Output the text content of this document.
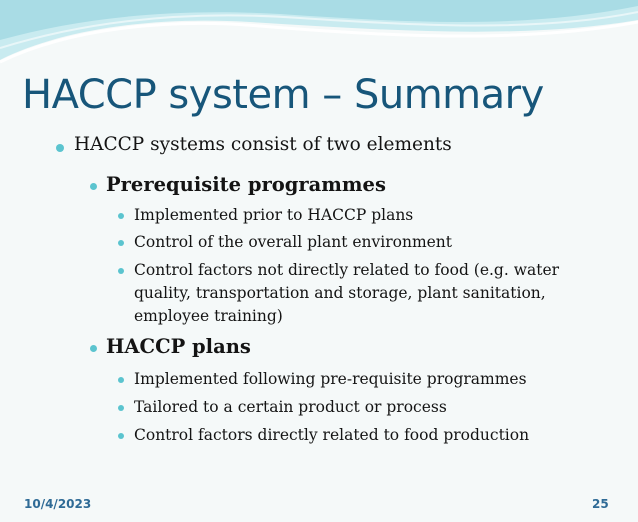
HACCP system – Summary
HACCP systems consist of two elements
Prerequisite programmes
Implemented prior to HACCP plans
Control of the overall plant environment
Control factors not directly related to food (e.g. water
quality, transportation and storage, plant sanitation,
employee training)
HACCP plans
Implemented following pre-requisite programmes
Tailored to a certain product or process
Control factors directly related to food production
10/4/2023	25
